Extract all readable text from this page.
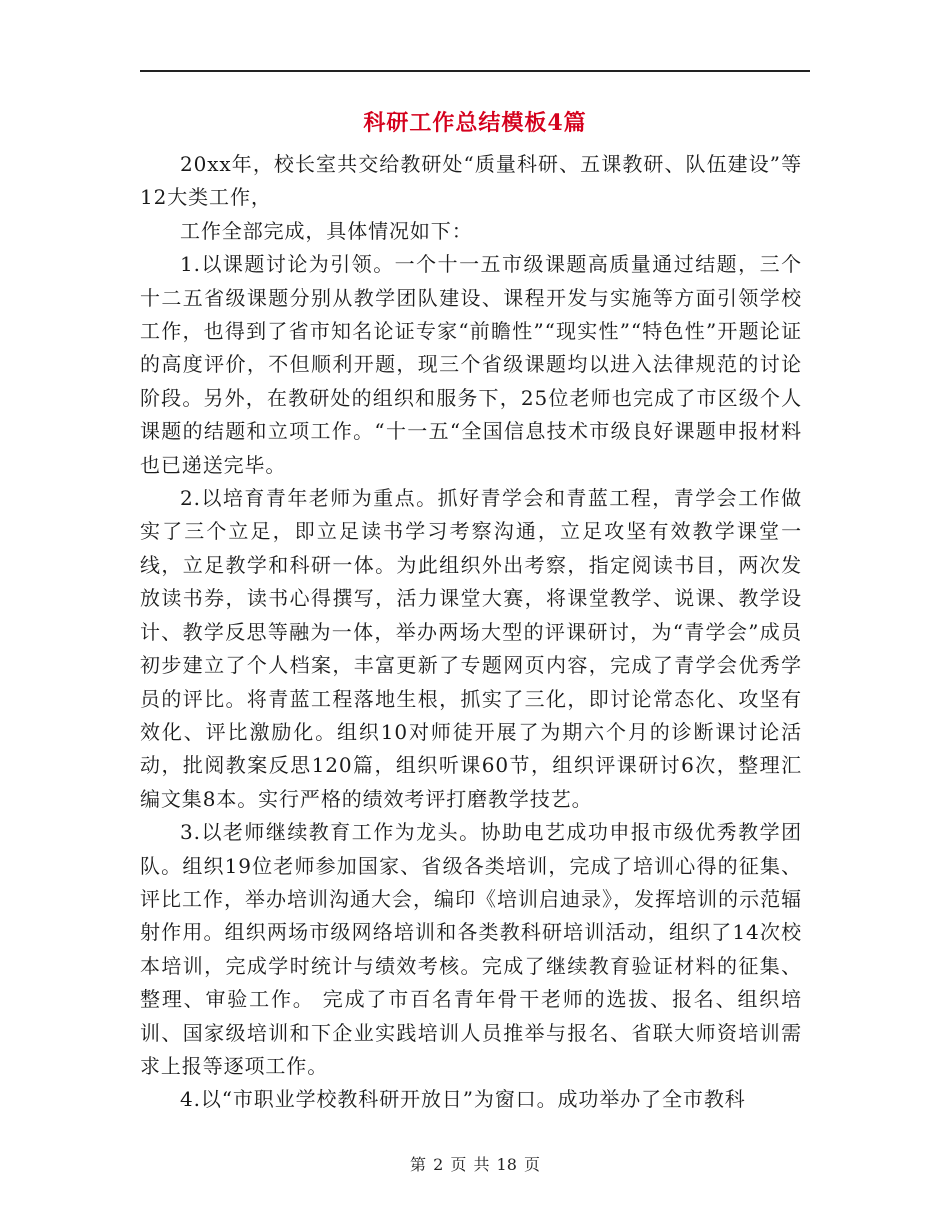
科研工作总结模板4篇

20xx年，校长室共交给教研处“质量科研、五课教研、队伍建设”等12大类工作，

工作全部完成，具体情况如下：

1.以课题讨论为引领。一个十一五市级课题高质量通过结题，三个十二五省级课题分别从教学团队建设、课程开发与实施等方面引领学校工作，也得到了省市知名论证专家“前瞻性”“现实性”“特色性”开题论证的高度评价，不但顺利开题，现三个省级课题均以进入法律规范的讨论阶段。另外，在教研处的组织和服务下，25位老师也完成了市区级个人课题的结题和立项工作。“十一五“全国信息技术市级良好课题申报材料也已递送完毕。

2.以培育青年老师为重点。抓好青学会和青蓝工程，青学会工作做实了三个立足，即立足读书学习考察沟通，立足攻坚有效教学课堂一线，立足教学和科研一体。为此组织外出考察，指定阅读书目，两次发放读书券，读书心得撰写，活力课堂大赛，将课堂教学、说课、教学设计、教学反思等融为一体，举办两场大型的评课研讨，为“青学会”成员初步建立了个人档案，丰富更新了专题网页内容，完成了青学会优秀学员的评比。将青蓝工程落地生根，抓实了三化，即讨论常态化、攻坚有效化、评比激励化。组织10对师徒开展了为期六个月的诊断课讨论活动，批阅教案反思120篇，组织听课60节，组织评课研讨6次，整理汇编文集8本。实行严格的绩效考评打磨教学技艺。

3.以老师继续教育工作为龙头。协助电艺成功申报市级优秀教学团队。组织19位老师参加国家、省级各类培训，完成了培训心得的征集、评比工作，举办培训沟通大会，编印《培训启迪录》，发挥培训的示范辐射作用。组织两场市级网络培训和各类教科研培训活动，组织了14次校本培训，完成学时统计与绩效考核。完成了继续教育验证材料的征集、整理、审验工作。 完成了市百名青年骨干老师的选拔、报名、组织培训、国家级培训和下企业实践培训人员推举与报名、省联大师资培训需求上报等逐项工作。

4.以“市职业学校教科研开放日”为窗口。成功举办了全市教科

第 2 页 共 18 页
